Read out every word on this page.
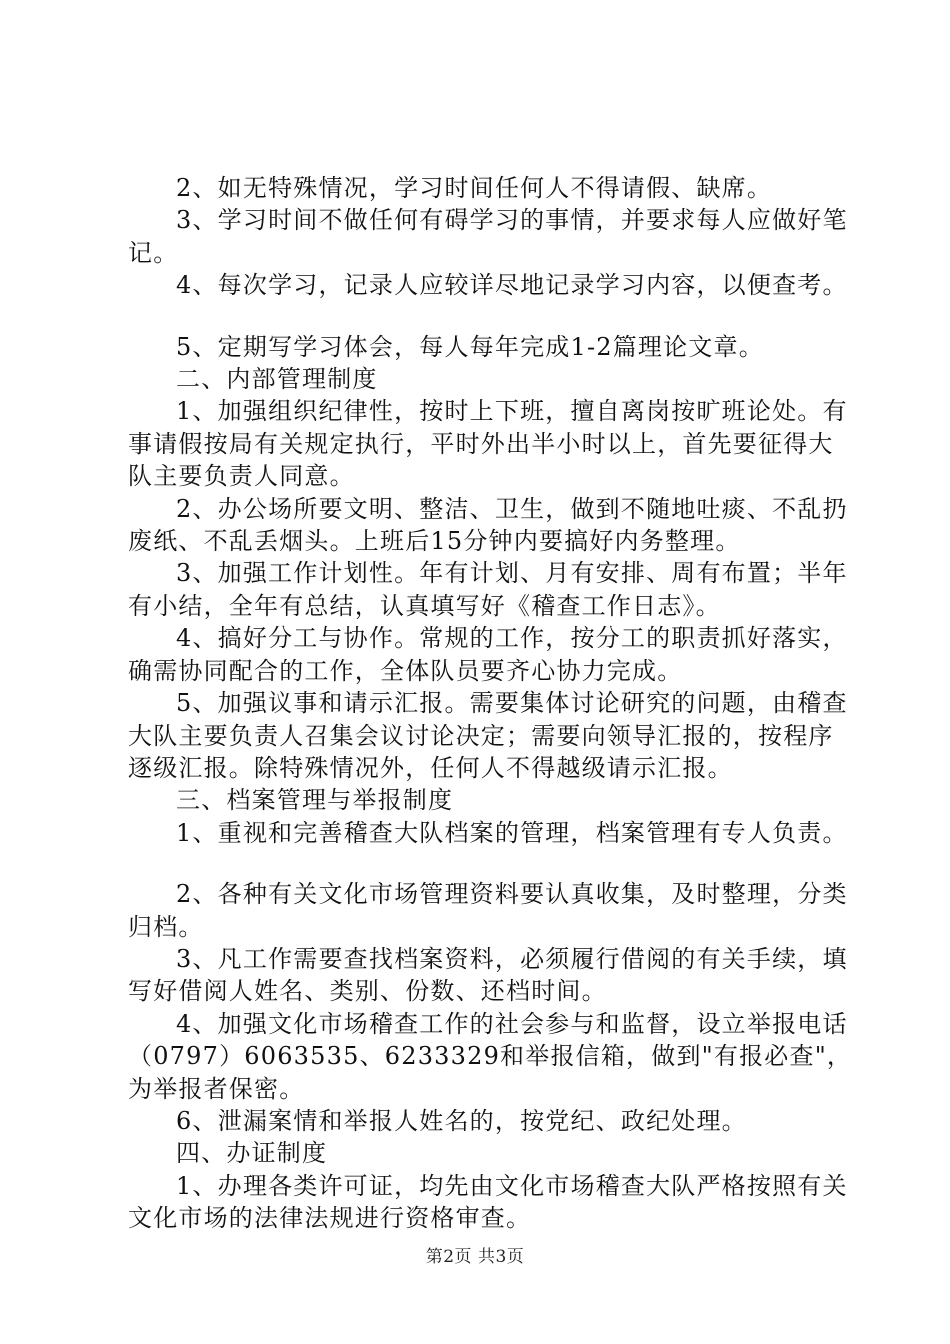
2、如无特殊情况，学习时间任何人不得请假、缺席。

3、学习时间不做任何有碍学习的事情，并要求每人应做好笔记。

4、每次学习，记录人应较详尽地记录学习内容，以便查考。

5、定期写学习体会，每人每年完成1-2篇理论文章。

二、内部管理制度

1、加强组织纪律性，按时上下班，擅自离岗按旷班论处。有事请假按局有关规定执行，平时外出半小时以上，首先要征得大队主要负责人同意。

2、办公场所要文明、整洁、卫生，做到不随地吐痰、不乱扔废纸、不乱丢烟头。上班后15分钟内要搞好内务整理。

3、加强工作计划性。年有计划、月有安排、周有布置；半年有小结，全年有总结，认真填写好《稽查工作日志》。

4、搞好分工与协作。常规的工作，按分工的职责抓好落实，确需协同配合的工作，全体队员要齐心协力完成。

5、加强议事和请示汇报。需要集体讨论研究的问题，由稽查大队主要负责人召集会议讨论决定；需要向领导汇报的，按程序逐级汇报。除特殊情况外，任何人不得越级请示汇报。

三、档案管理与举报制度

1、重视和完善稽查大队档案的管理，档案管理有专人负责。

2、各种有关文化市场管理资料要认真收集，及时整理，分类归档。

3、凡工作需要查找档案资料，必须履行借阅的有关手续，填写好借阅人姓名、类别、份数、还档时间。

4、加强文化市场稽查工作的社会参与和监督，设立举报电话（0797）6063535、6233329和举报信箱，做到"有报必查"，为举报者保密。

6、泄漏案情和举报人姓名的，按党纪、政纪处理。

四、办证制度

1、办理各类许可证，均先由文化市场稽查大队严格按照有关文化市场的法律法规进行资格审查。

第2页 共3页
